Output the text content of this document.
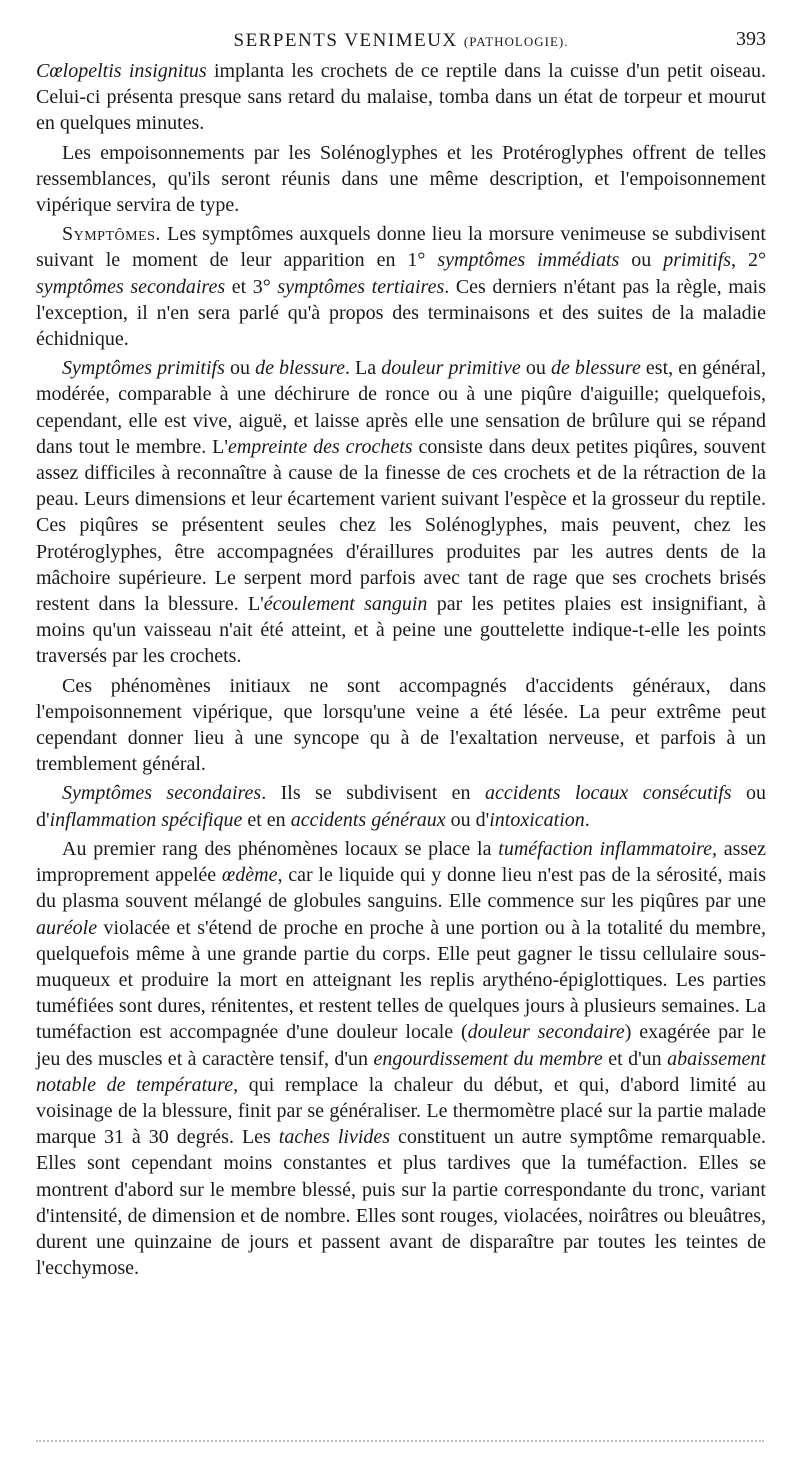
SERPENTS VENIMEUX (PATHOLOGIE).	393

Cœlopeltis insignitus implanta les crochets de ce reptile dans la cuisse d'un petit oiseau. Celui-ci présenta presque sans retard du malaise, tomba dans un état de torpeur et mourut en quelques minutes.

Les empoisonnements par les Solénoglyphes et les Protéroglyphes offrent de telles ressemblances, qu'ils seront réunis dans une même description, et l'empoisonnement vipérique servira de type.

Symptômes. Les symptômes auxquels donne lieu la morsure venimeuse se subdivisent suivant le moment de leur apparition en 1° symptômes immédiats ou primitifs, 2° symptômes secondaires et 3° symptômes tertiaires. Ces derniers n'étant pas la règle, mais l'exception, il n'en sera parlé qu'à propos des terminaisons et des suites de la maladie échidnique.

Symptômes primitifs ou de blessure. La douleur primitive ou de blessure est, en général, modérée, comparable à une déchirure de ronce ou à une piqûre d'aiguille; quelquefois, cependant, elle est vive, aiguë, et laisse après elle une sensation de brûlure qui se répand dans tout le membre. L'empreinte des crochets consiste dans deux petites piqûres, souvent assez difficiles à reconnaître à cause de la finesse de ces crochets et de la rétraction de la peau. Leurs dimensions et leur écartement varient suivant l'espèce et la grosseur du reptile. Ces piqûres se présentent seules chez les Solénoglyphes, mais peuvent, chez les Protéroglyphes, être accompagnées d'éraillures produites par les autres dents de la mâchoire supérieure. Le serpent mord parfois avec tant de rage que ses crochets brisés restent dans la blessure. L'écoulement sanguin par les petites plaies est insignifiant, à moins qu'un vaisseau n'ait été atteint, et à peine une gouttelette indique-t-elle les points traversés par les crochets.

Ces phénomènes initiaux ne sont accompagnés d'accidents généraux, dans l'empoisonnement vipérique, que lorsqu'une veine a été lésée. La peur extrême peut cependant donner lieu à une syncope qu à de l'exaltation nerveuse, et parfois à un tremblement général.

Symptômes secondaires. Ils se subdivisent en accidents locaux consécutifs ou d'inflammation spécifique et en accidents généraux ou d'intoxication.

Au premier rang des phénomènes locaux se place la tuméfaction inflammatoire, assez improprement appelée œdème, car le liquide qui y donne lieu n'est pas de la sérosité, mais du plasma souvent mélangé de globules sanguins. Elle commence sur les piqûres par une auréole violacée et s'étend de proche en proche à une portion ou à la totalité du membre, quelquefois même à une grande partie du corps. Elle peut gagner le tissu cellulaire sous-muqueux et produire la mort en atteignant les replis arythéno-épiglottiques. Les parties tuméfiées sont dures, rénitentes, et restent telles de quelques jours à plusieurs semaines. La tuméfaction est accompagnée d'une douleur locale (douleur secondaire) exagérée par le jeu des muscles et à caractère tensif, d'un engourdissement du membre et d'un abaissement notable de température, qui remplace la chaleur du début, et qui, d'abord limité au voisinage de la blessure, finit par se généraliser. Le thermomètre placé sur la partie malade marque 31 à 30 degrés. Les taches livides constituent un autre symptôme remarquable. Elles sont cependant moins constantes et plus tardives que la tuméfaction. Elles se montrent d'abord sur le membre blessé, puis sur la partie correspondante du tronc, variant d'intensité, de dimension et de nombre. Elles sont rouges, violacées, noirâtres ou bleuâtres, durent une quinzaine de jours et passent avant de disparaître par toutes les teintes de l'ecchymose.
